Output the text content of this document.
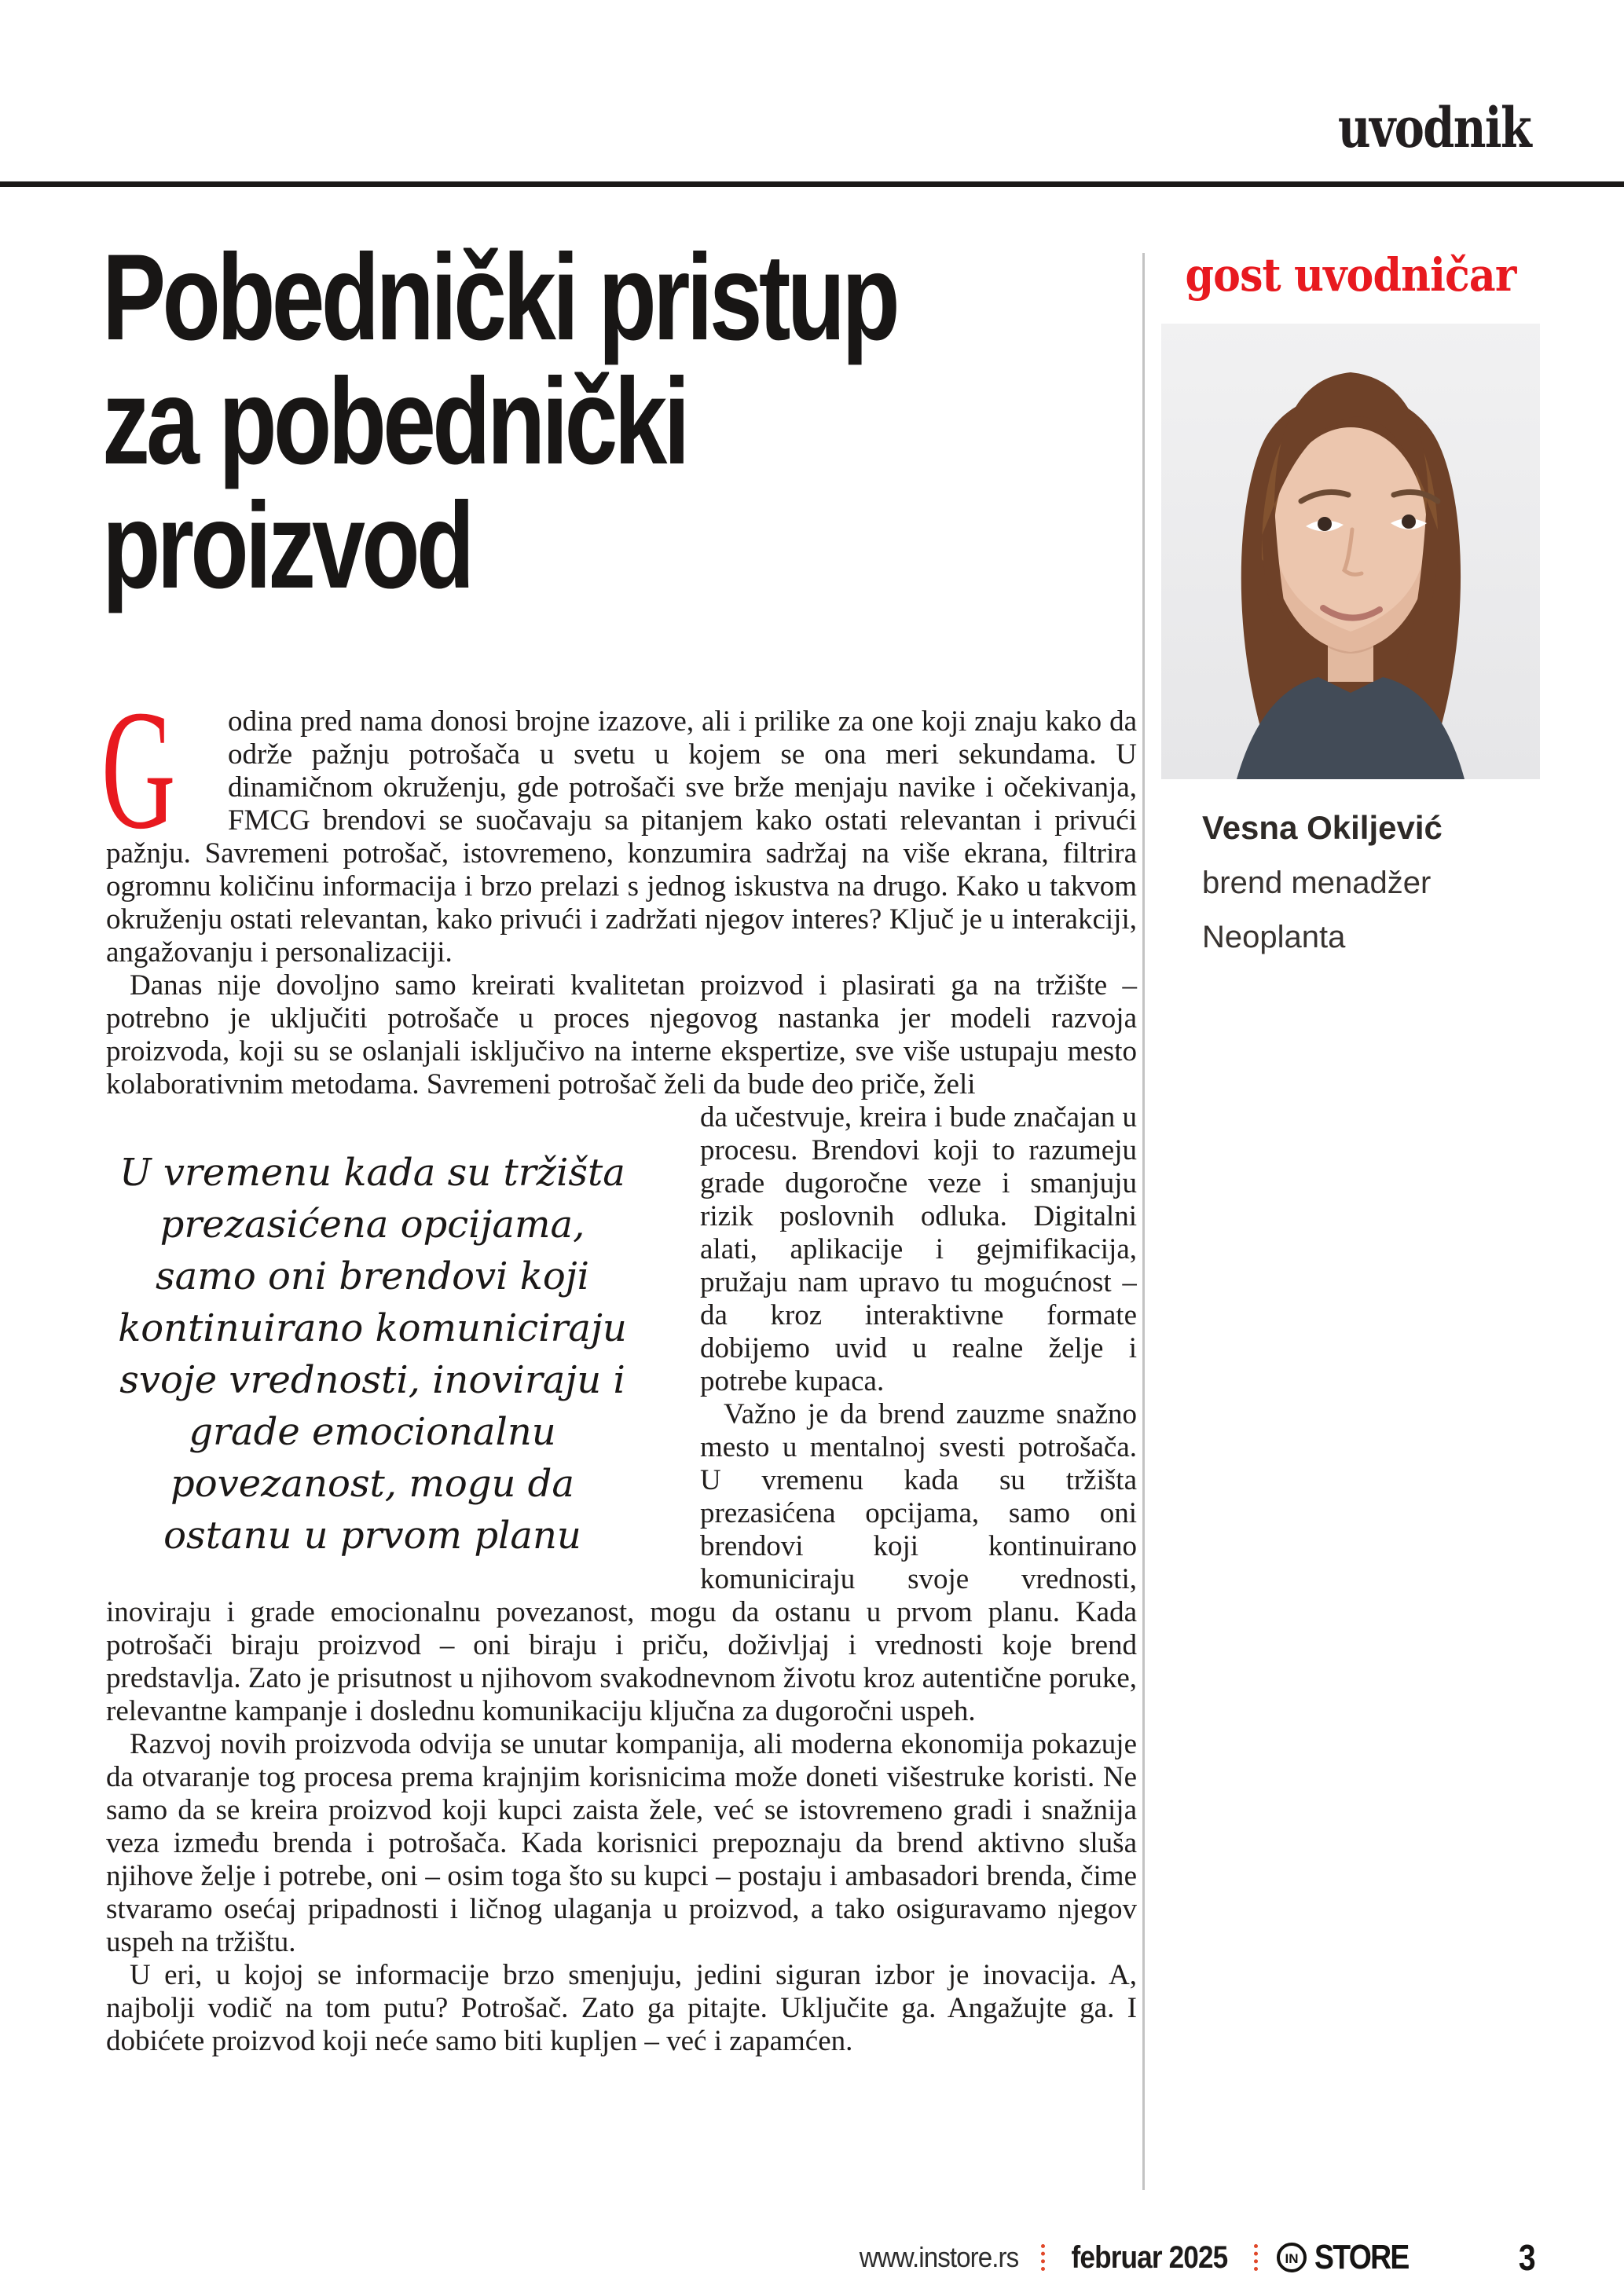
uvodnik
Pobednički pristup
za pobednički
proizvod
gost uvodničar
Vesna Okiljević
brend menadžer
Neoplanta

G odina pred nama donosi brojne izazove, ali i prilike za one koji znaju kako da održe pažnju potrošača u svetu u kojem se ona meri sekundama. U dinamičnom okruženju, gde potrošači sve brže menjaju navike i očekivanja, FMCG brendovi se suočavaju sa pitanjem kako ostati relevantan i privući pažnju. Savremeni potrošač, istovremeno, konzumira sadržaj na više ekrana, filtrira ogromnu količinu informacija i brzo prelazi s jednog iskustva na drugo. Kako u takvom okruženju ostati relevantan, kako privući i zadržati njegov interes? Ključ je u interakciji, angažovanju i personalizaciji.

Danas nije dovoljno samo kreirati kvalitetan proizvod i plasirati ga na tržište – potrebno je uključiti potrošače u proces njegovog nastanka jer modeli razvoja proizvoda, koji su se oslanjali isključivo na interne ekspertize, sve više ustupaju mesto kolaborativnim metodama. Savremeni potrošač želi da bude deo priče, želi

U vremenu kada su tržišta prezasićena opcijama, samo oni brendovi koji kontinuirano komuniciraju svoje vrednosti, inoviraju i grade emocionalnu povezanost, mogu da ostanu u prvom planu

da učestvuje, kreira i bude značajan u procesu. Brendovi koji to razumeju grade dugoročne veze i smanjuju rizik poslovnih odluka. Digitalni alati, aplikacije i gejmifikacija, pružaju nam upravo tu mogućnost – da kroz interaktivne formate dobijemo uvid u realne želje i potrebe kupaca.

Važno je da brend zauzme snažno mesto u mentalnoj svesti potrošača. U vremenu kada su tržišta prezasićena opcijama, samo oni brendovi koji kontinuirano komuniciraju svoje vrednosti, inoviraju i grade emocionalnu povezanost, mogu da ostanu u prvom planu. Kada potrošači biraju proizvod – oni biraju i priču, doživljaj i vrednosti koje brend predstavlja. Zato je prisutnost u njihovom svakodnevnom životu kroz autentične poruke, relevantne kampanje i doslednu komunikaciju ključna za dugoročni uspeh.

Razvoj novih proizvoda odvija se unutar kompanija, ali moderna ekonomija pokazuje da otvaranje tog procesa prema krajnjim korisnicima može doneti višestruke koristi. Ne samo da se kreira proizvod koji kupci zaista žele, već se istovremeno gradi i snažnija veza između brenda i potrošača. Kada korisnici prepoznaju da brend aktivno sluša njihove želje i potrebe, oni – osim toga što su kupci – postaju i ambasadori brenda, čime stvaramo osećaj pripadnosti i ličnog ulaganja u proizvod, a tako osiguravamo njegov uspeh na tržištu.

U eri, u kojoj se informacije brzo smenjuju, jedini siguran izbor je inovacija. A, najbolji vodič na tom putu? Potrošač. Zato ga pitajte. Uključite ga. Angažujte ga. I dobićete proizvod koji neće samo biti kupljen – već i zapamćen.

www.instore.rs februar 2025	IN STORE	3
